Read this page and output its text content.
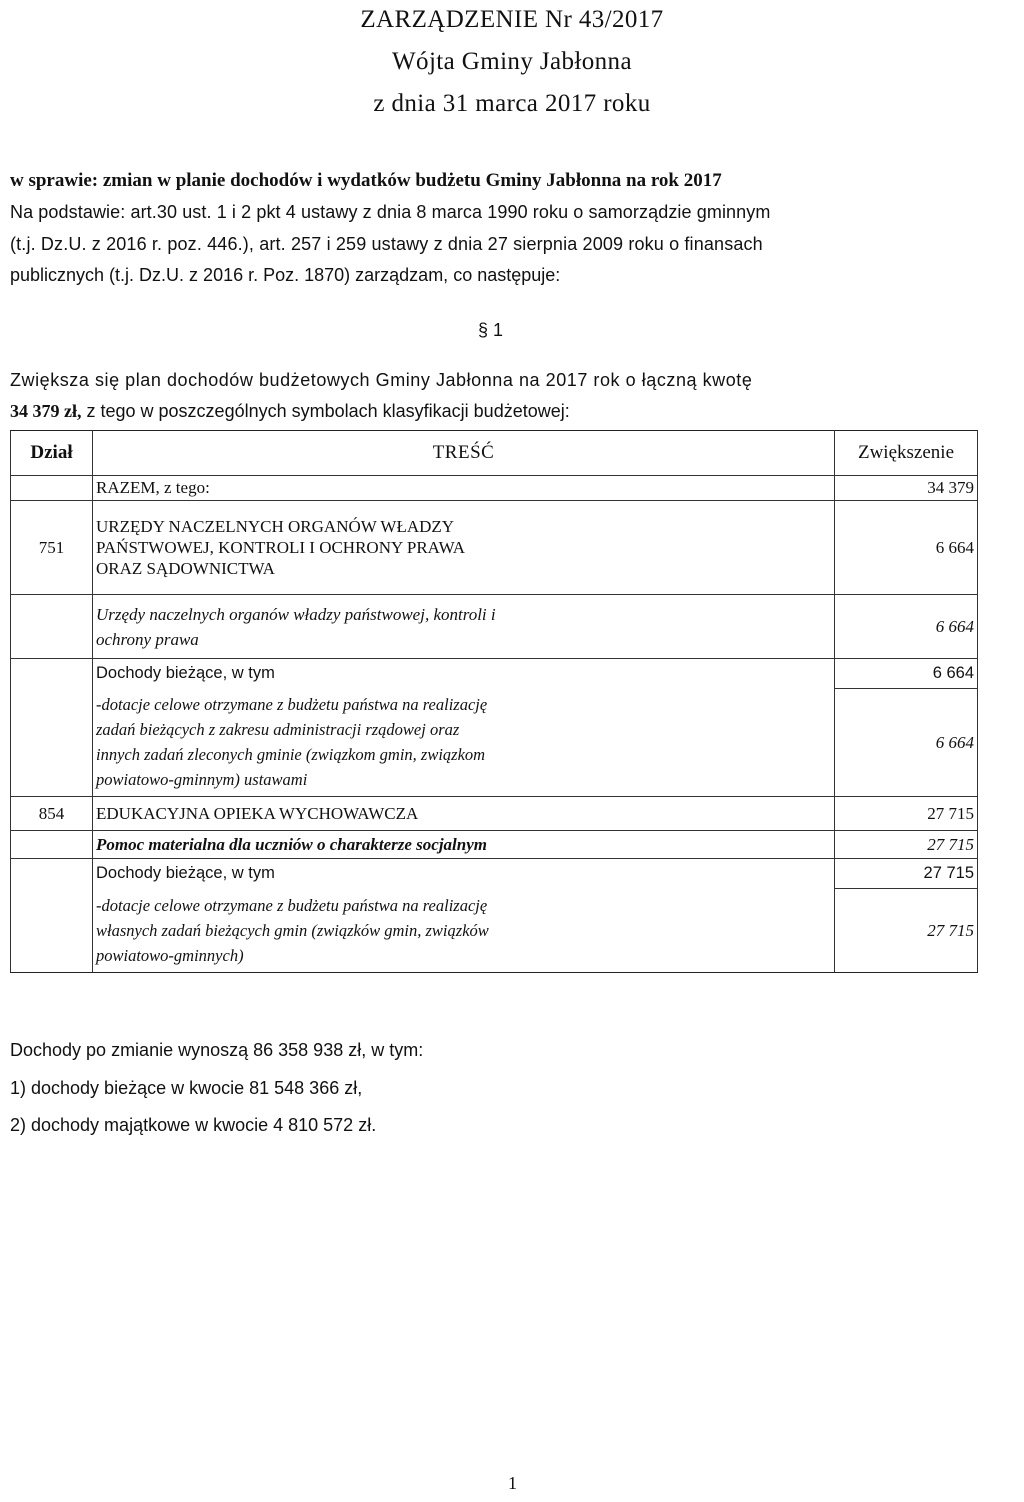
ZARZĄDZENIE Nr 43/2017
Wójta Gminy Jabłonna
z dnia 31 marca 2017 roku
w sprawie: zmian w planie dochodów i wydatków budżetu Gminy Jabłonna na rok 2017
Na podstawie: art.30 ust. 1 i 2 pkt 4 ustawy z dnia 8 marca 1990 roku o samorządzie gminnym
(t.j. Dz.U. z 2016 r. poz. 446.), art. 257 i 259 ustawy z dnia 27 sierpnia 2009 roku o finansach
publicznych (t.j. Dz.U. z 2016 r. Poz. 1870) zarządzam, co następuje:
§ 1
Zwiększa się plan dochodów budżetowych Gminy Jabłonna na 2017 rok o łączną kwotę
34 379 zł, z tego w poszczególnych symbolach klasyfikacji budżetowej:
Dział	TREŚĆ	Zwiększenie
	RAZEM, z tego:	34 379
751	URZĘDY NACZELNYCH ORGANÓW WŁADZY
PAŃSTWOWEJ, KONTROLI I OCHRONY PRAWA
ORAZ SĄDOWNICTWA	6 664

	Urzędy naczelnych organów władzy państwowej, kontroli i
ochrony prawa	6 664
	Dochody bieżące, w tym	6 664

	-dotacje celowe otrzymane z budżetu państwa na realizację
zadań bieżących z zakresu administracji rządowej oraz
innych zadań zleconych gminie (związkom gmin, związkom
powiatowo-gminnym) ustawami	6 664
854	EDUKACYJNA OPIEKA WYCHOWAWCZA	27 715
	Pomoc materialna dla uczniów o charakterze socjalnym	27 715
	Dochody bieżące, w tym	27 715

	-dotacje celowe otrzymane z budżetu państwa na realizację
własnych zadań bieżących gmin (związków gmin, związków
powiatowo-gminnych)	27 715
Dochody po zmianie wynoszą 86 358 938 zł, w tym:
1) dochody bieżące w kwocie 81 548 366 zł,
2) dochody majątkowe w kwocie 4 810 572 zł.
1
